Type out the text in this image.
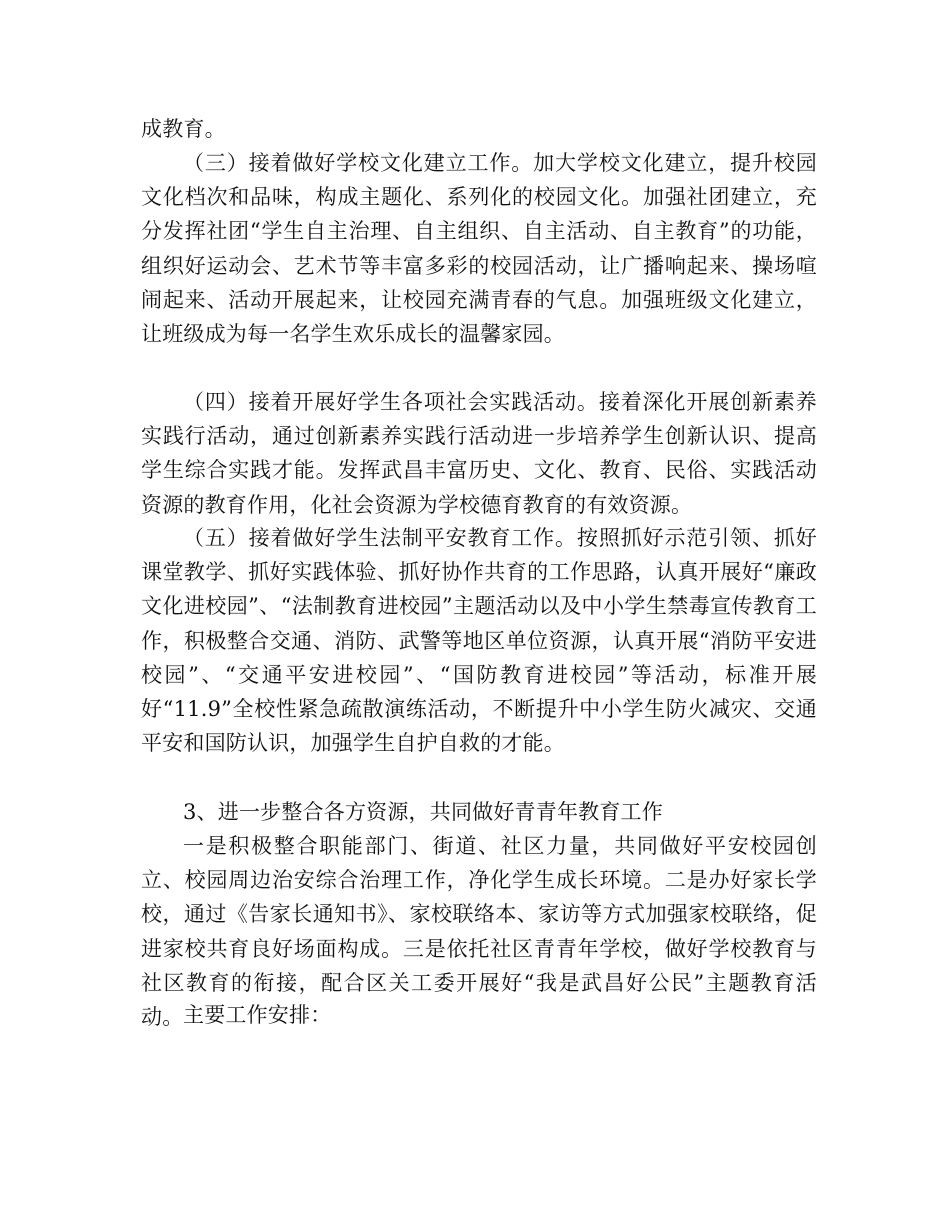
成教育。

（三）接着做好学校文化建立工作。加大学校文化建立，提升校园文化档次和品味，构成主题化、系列化的校园文化。加强社团建立，充分发挥社团“学生自主治理、自主组织、自主活动、自主教育”的功能，组织好运动会、艺术节等丰富多彩的校园活动，让广播响起来、操场喧闹起来、活动开展起来，让校园充满青春的气息。加强班级文化建立，让班级成为每一名学生欢乐成长的温馨家园。

（四）接着开展好学生各项社会实践活动。接着深化开展创新素养实践行活动，通过创新素养实践行活动进一步培养学生创新认识、提高学生综合实践才能。发挥武昌丰富历史、文化、教育、民俗、实践活动资源的教育作用，化社会资源为学校德育教育的有效资源。

（五）接着做好学生法制平安教育工作。按照抓好示范引领、抓好课堂教学、抓好实践体验、抓好协作共育的工作思路，认真开展好“廉政文化进校园”、“法制教育进校园”主题活动以及中小学生禁毒宣传教育工作，积极整合交通、消防、武警等地区单位资源，认真开展“消防平安进校园”、“交通平安进校园”、“国防教育进校园”等活动，标准开展好“11.9”全校性紧急疏散演练活动，不断提升中小学生防火减灾、交通平安和国防认识，加强学生自护自救的才能。

3、进一步整合各方资源，共同做好青青年教育工作

一是积极整合职能部门、街道、社区力量，共同做好平安校园创立、校园周边治安综合治理工作，净化学生成长环境。二是办好家长学校，通过《告家长通知书》、家校联络本、家访等方式加强家校联络，促进家校共育良好场面构成。三是依托社区青青年学校，做好学校教育与社区教育的衔接，配合区关工委开展好“我是武昌好公民”主题教育活动。 主要工作安排：
